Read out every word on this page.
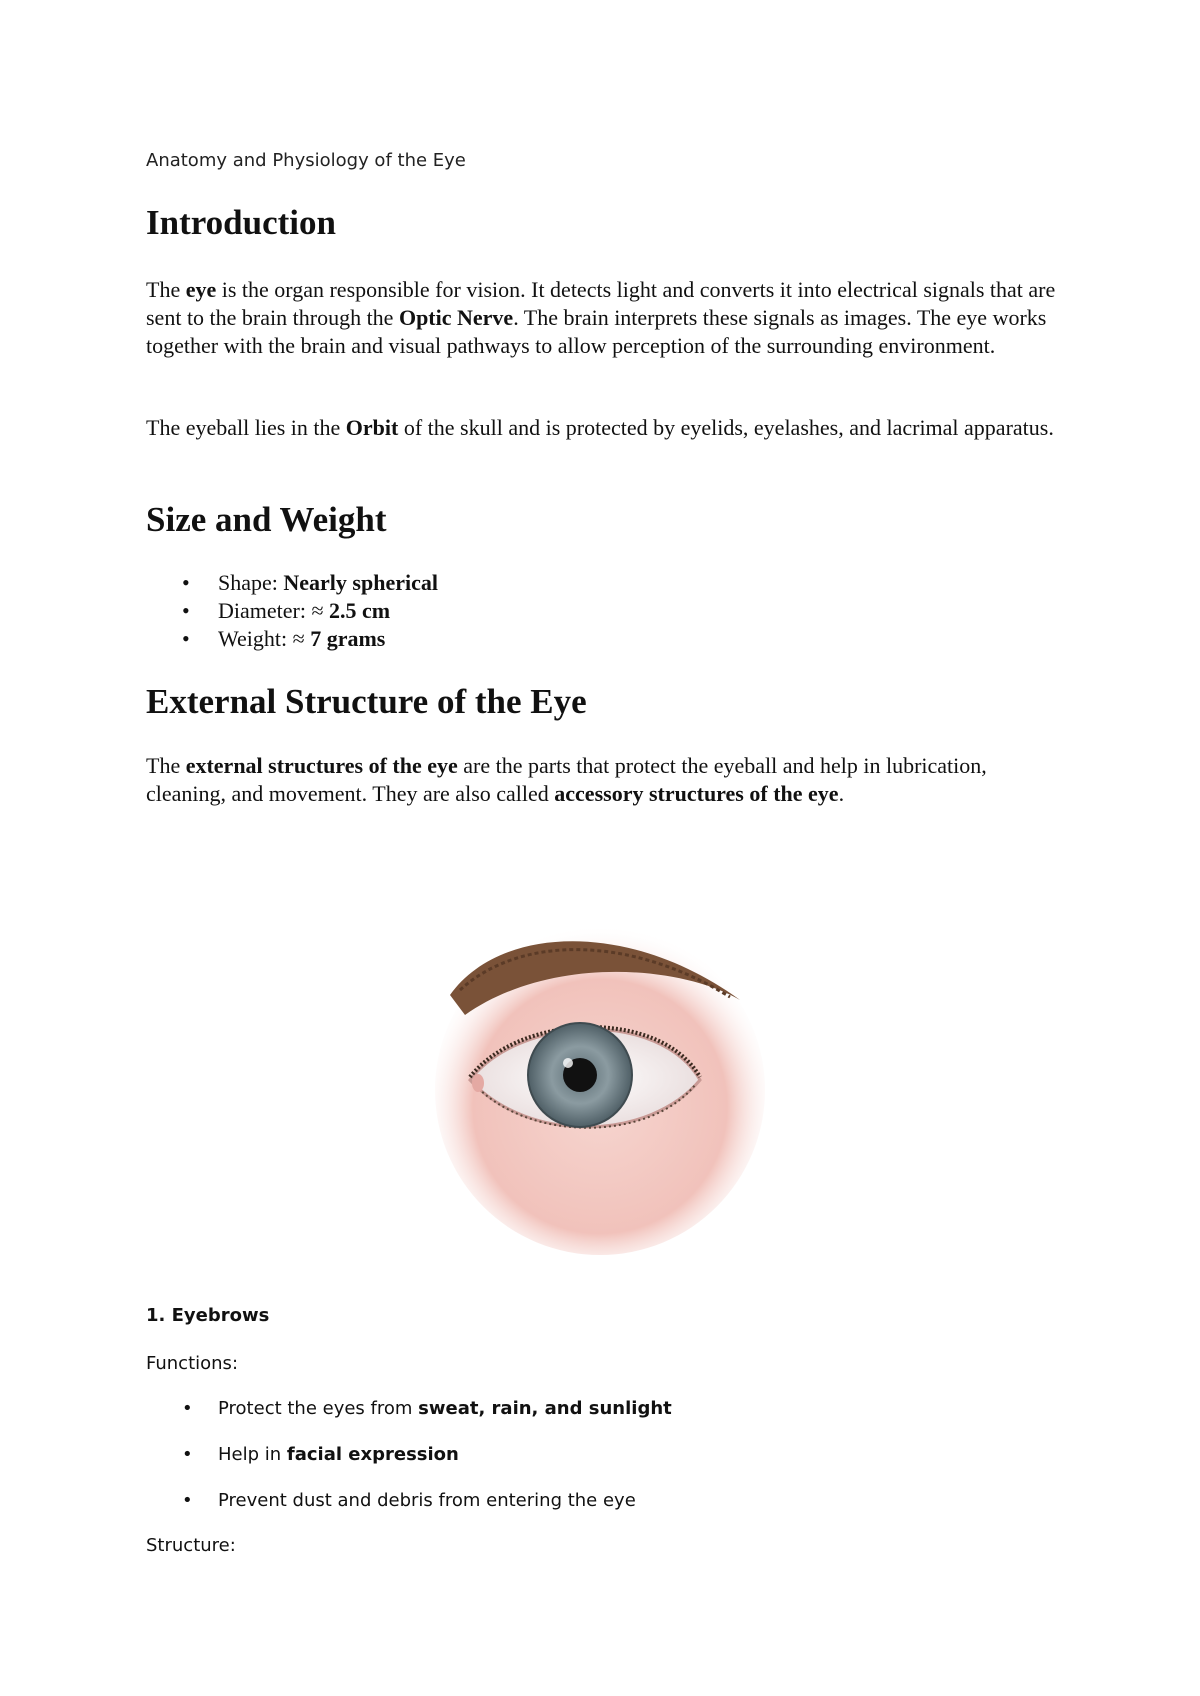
Anatomy and Physiology of the Eye
Introduction

The eye is the organ responsible for vision. It detects light and converts it into electrical signals that are sent to the brain through the Optic Nerve. The brain interprets these signals as images. The eye works together with the brain and visual pathways to allow perception of the surrounding environment.

The eyeball lies in the Orbit of the skull and is protected by eyelids, eyelashes, and lacrimal apparatus.

Size and Weight
• Shape: Nearly spherical
• Diameter: ≈ 2.5 cm
• Weight: ≈ 7 grams
External Structure of the Eye

The external structures of the eye are the parts that protect the eyeball and help in lubrication, cleaning, and movement. They are also called accessory structures of the eye.

1. Eyebrows
Functions:
• Protect the eyes from sweat, rain, and sunlight
• Help in facial expression
• Prevent dust and debris from entering the eye
Structure:
